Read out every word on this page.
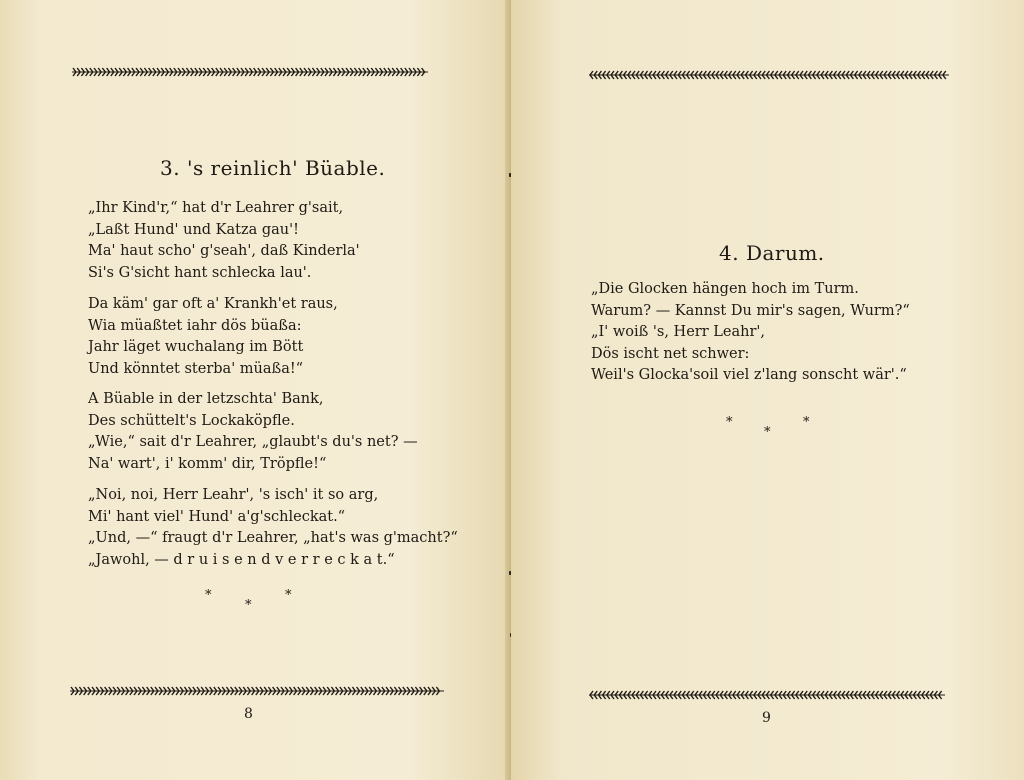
3. 's reinlich' Büable.
„Ihr Kind'r,“ hat d'r Leahrer g'sait,
„Laßt Hund' und Katza gau'!
Ma' haut scho' g'seah', daß Kinderla'
Si's G'sicht hant schlecka lau'.
Da käm' gar oft a' Krankh'et raus,
Wia müaßtet iahr dös büaßa:
Jahr läget wuchalang im Bött
Und könntet sterba' müaßa!“
A Büable in der letzschta' Bank,
Des schüttelt's Lockaköpfle.
„Wie,“ sait d'r Leahrer, „glaubt's du's net? —
Na' wart', i' komm' dir, Tröpfle!“
„Noi, noi, Herr Leahr', 's isch' it so arg,
Mi' hant viel' Hund' a'g'schleckat.“
„Und, —“ fraugt d'r Leahrer, „hat's was g'macht?“
„Jawohl, — d r u i s e n d v e r r e c k a t.“
*
*
*
8
4. Darum.
„Die Glocken hängen hoch im Turm.
Warum? — Kannst Du mir's sagen, Wurm?“
„I' woiß 's, Herr Leahr',
Dös ischt net schwer:
Weil's Glocka'soil viel z'lang sonscht wär'.“
*
*
*
9
